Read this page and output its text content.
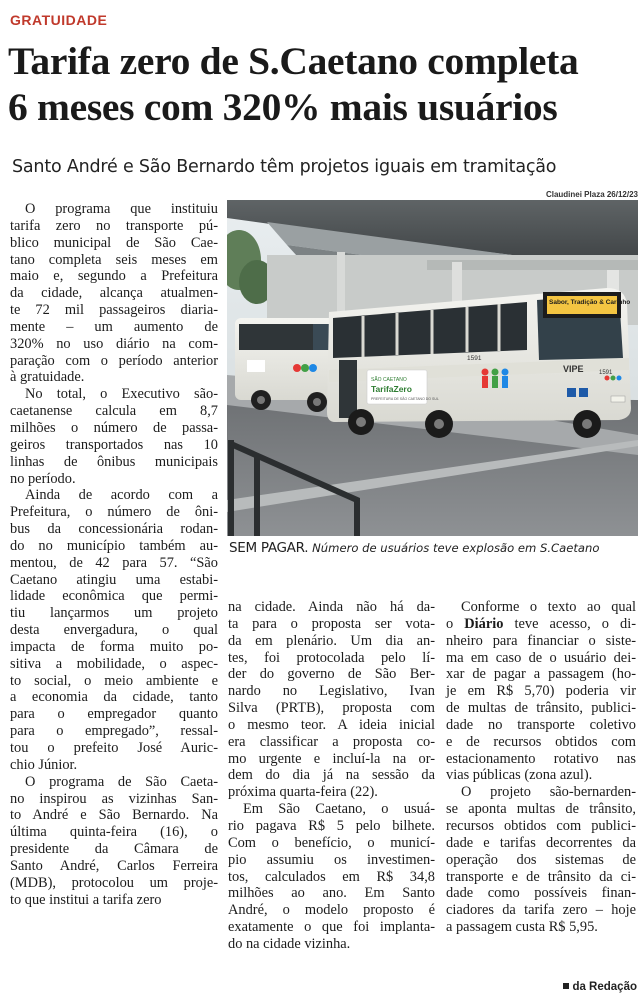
GRATUIDADE
Tarifa zero de S.Caetano completa
6 meses com 320% mais usuários
Santo André e São Bernardo têm projetos iguais em tramitação
Claudinei Plaza 26/12/23
Sabor, Tradição & Carinho
SÃO CAETANO
TarifaZero
PREFEITURA DE SÃO CAETANO DO SUL
VIPE
1591
1591
SEM PAGAR. Número de usuários teve explosão em S.Caetano
O programa que instituiu
tarifa zero no transporte pú-
blico municipal de São Cae-
tano completa seis meses em
maio e, segundo a Prefeitura
da cidade, alcança atualmen-
te 72 mil passageiros diaria-
mente – um aumento de
320% no uso diário na com-
paração com o período anterior
à gratuidade.
No total, o Executivo são-
caetanense calcula em 8,7
milhões o número de passa-
geiros transportados nas 10
linhas de ônibus municipais
no período.
Ainda de acordo com a
Prefeitura, o número de ôni-
bus da concessionária rodan-
do no município também au-
mentou, de 42 para 57. “São
Caetano atingiu uma estabi-
lidade econômica que permi-
tiu lançarmos um projeto
desta envergadura, o qual
impacta de forma muito po-
sitiva a mobilidade, o aspec-
to social, o meio ambiente e
a economia da cidade, tanto
para o empregador quanto
para o empregado”, ressal-
tou o prefeito José Auric-
chio Júnior.
O programa de São Caeta-
no inspirou as vizinhas San-
to André e São Bernardo. Na
última quinta-feira (16), o
presidente da Câmara de
Santo André, Carlos Ferreira
(MDB), protocolou um proje-
to que institui a tarifa zero
na cidade. Ainda não há da-
ta para o proposta ser vota-
da em plenário. Um dia an-
tes, foi protocolada pelo lí-
der do governo de São Ber-
nardo no Legislativo, Ivan
Silva (PRTB), proposta com
o mesmo teor. A ideia inicial
era classificar a proposta co-
mo urgente e incluí-la na or-
dem do dia já na sessão da
próxima quarta-feira (22).
Em São Caetano, o usuá-
rio pagava R$ 5 pelo bilhete.
Com o benefício, o municí-
pio assumiu os investimen-
tos, calculados em R$ 34,8
milhões ao ano. Em Santo
André, o modelo proposto é
exatamente o que foi implanta-
do na cidade vizinha.
Conforme o texto ao qual
o Diário teve acesso, o di-
nheiro para financiar o siste-
ma em caso de o usuário dei-
xar de pagar a passagem (ho-
je em R$ 5,70) poderia vir
de multas de trânsito, publici-
dade no transporte coletivo
e de recursos obtidos com
estacionamento rotativo nas
vias públicas (zona azul).
O projeto são-bernarden-
se aponta multas de trânsito,
recursos obtidos com publici-
dade e tarifas decorrentes da
operação dos sistemas de
transporte e de trânsito da ci-
dade como possíveis finan-
ciadores da tarifa zero – hoje
a passagem custa R$ 5,95.
da Redação
